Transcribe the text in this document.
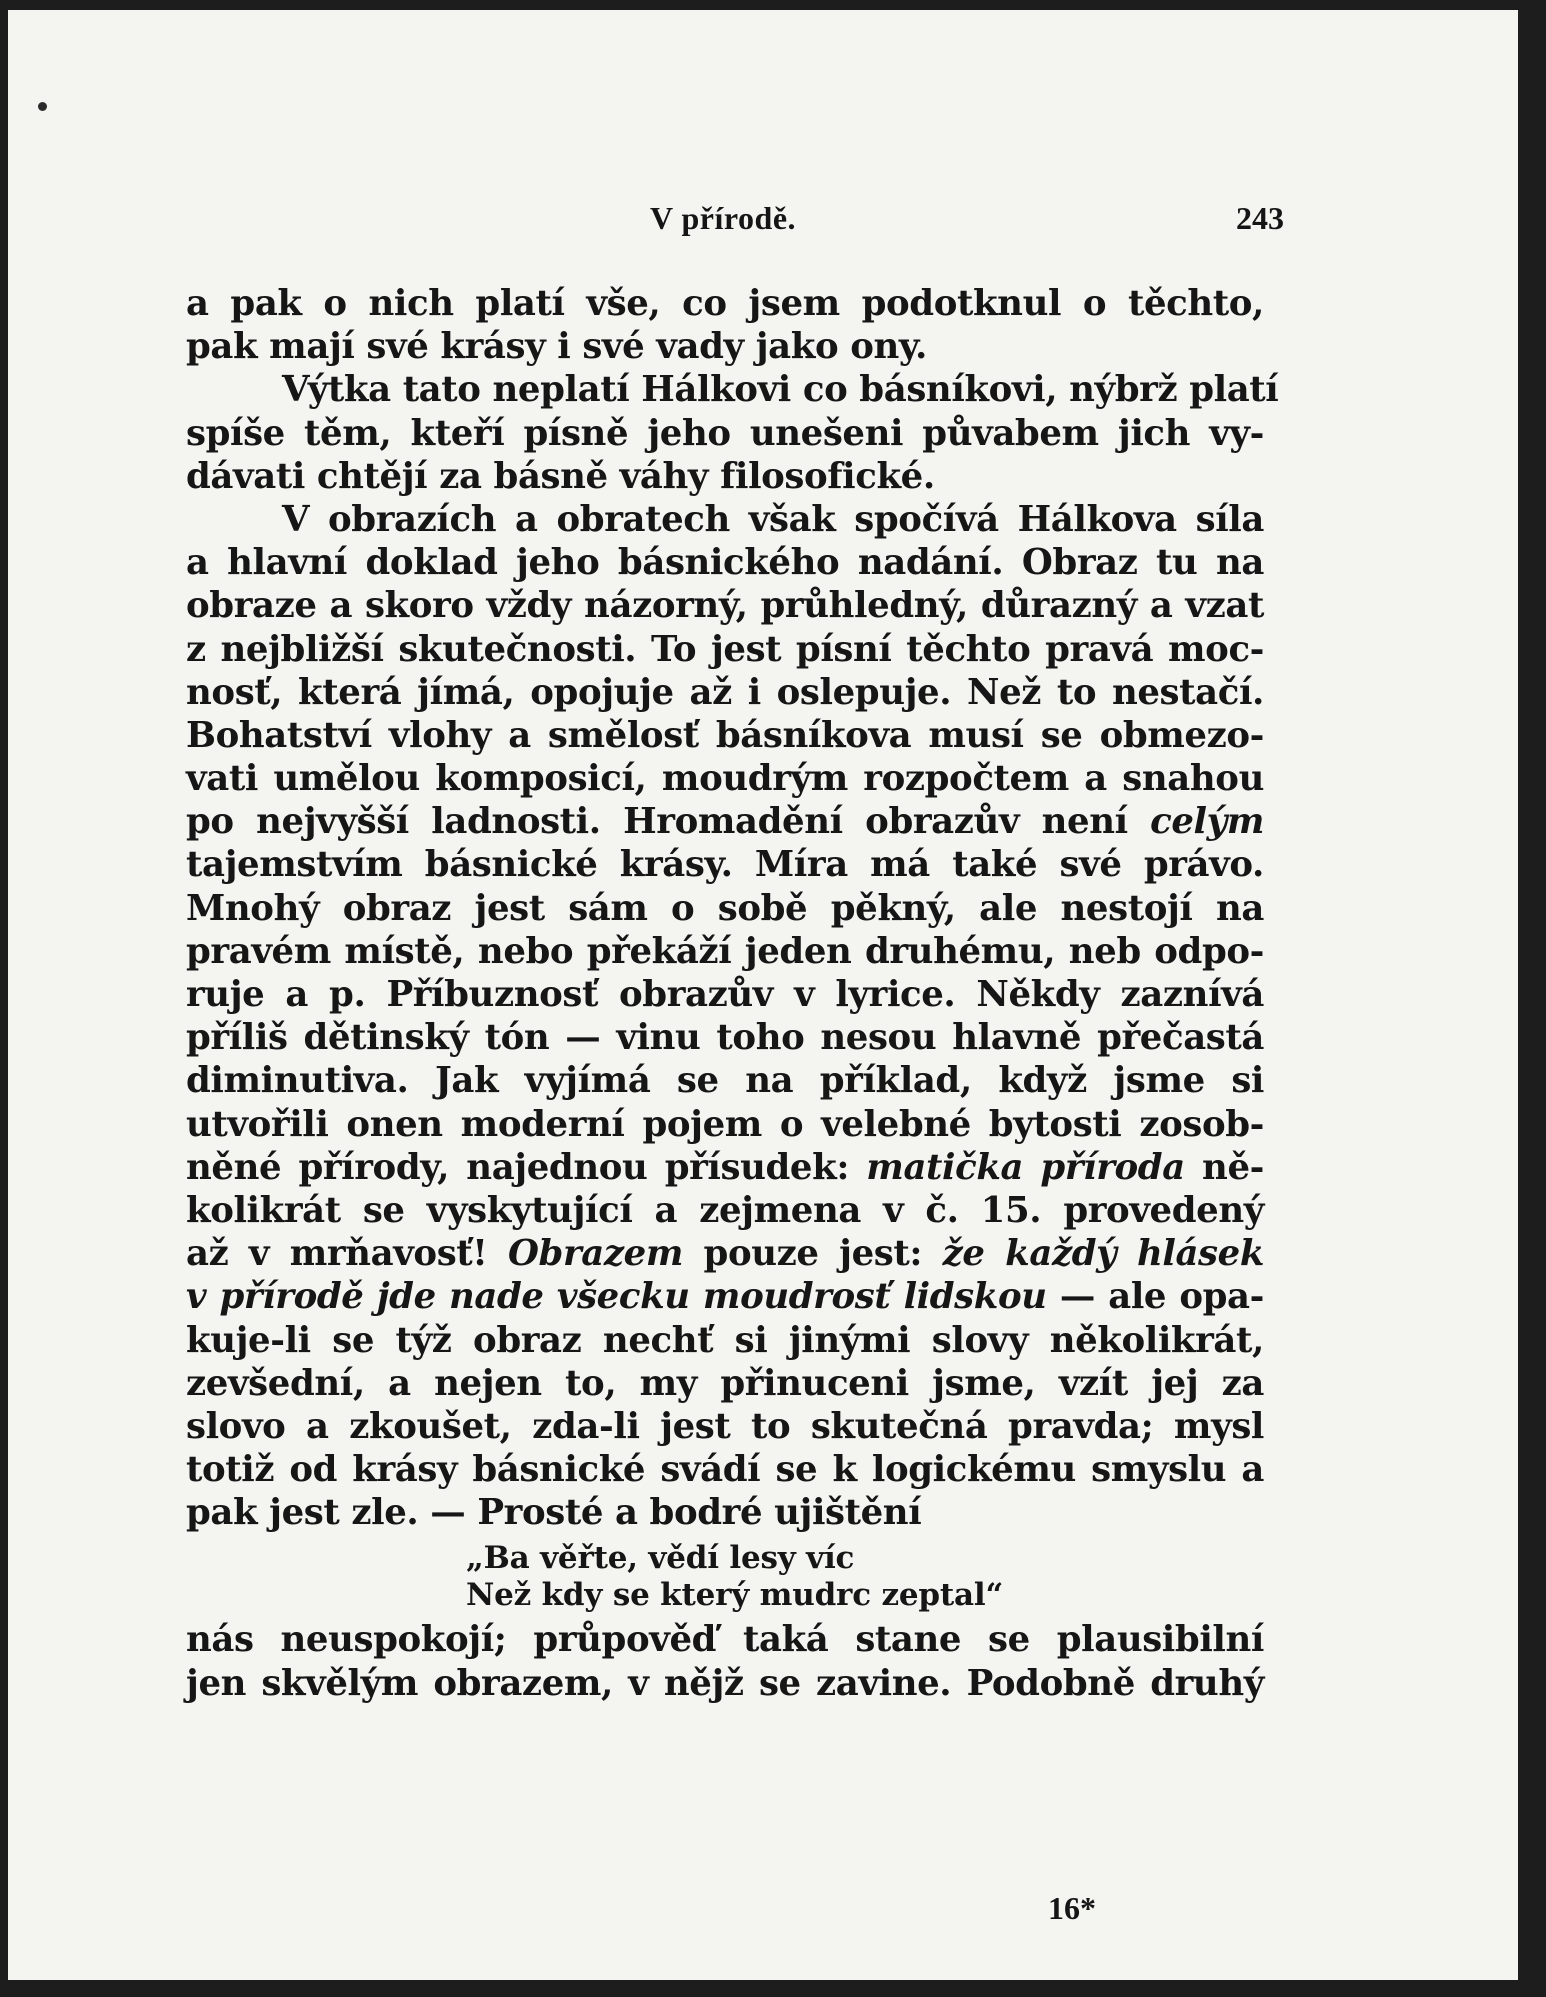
V přírodě.	243
a pak o nich platí vše, co jsem podotknul o těchto,
pak mají své krásy i své vady jako ony.
Výtka tato neplatí Hálkovi co básníkovi, nýbrž platí
spíše těm, kteří písně jeho unešeni půvabem jich vy-
dávati chtějí za básně váhy filosofické.
V obrazích a obratech však spočívá Hálkova síla
a hlavní doklad jeho básnického nadání. Obraz tu na
obraze a skoro vždy názorný, průhledný, důrazný a vzat
z nejbližší skutečnosti. To jest písní těchto pravá moc-
nosť, která jímá, opojuje až i oslepuje. Než to nestačí.
Bohatství vlohy a smělosť básníkova musí se obmezo-
vati umělou komposicí, moudrým rozpočtem a snahou
po nejvyšší ladnosti. Hromadění obrazův není celým
tajemstvím básnické krásy. Míra má také své právo.
Mnohý obraz jest sám o sobě pěkný, ale nestojí na
pravém místě, nebo překáží jeden druhému, neb odpo-
ruje a p. Příbuznosť obrazův v lyrice. Někdy zaznívá
příliš dětinský tón — vinu toho nesou hlavně přečastá
diminutiva. Jak vyjímá se na příklad, když jsme si
utvořili onen moderní pojem o velebné bytosti zosob-
něné přírody, najednou přísudek: matička příroda ně-
kolikrát se vyskytující a zejmena v č. 15. provedený
až v mrňavosť! Obrazem pouze jest: že každý hlásek
v přírodě jde nade všecku moudrosť lidskou — ale opa-
kuje-li se týž obraz nechť si jinými slovy několikrát,
zevšední, a nejen to, my přinuceni jsme, vzít jej za
slovo a zkoušet, zda-li jest to skutečná pravda; mysl
totiž od krásy básnické svádí se k logickému smyslu a
pak jest zle. — Prosté a bodré ujištění
„Ba věřte, vědí lesy víc
Než kdy se který mudrc zeptal“
nás neuspokojí; průpověď taká stane se plausibilní
jen skvělým obrazem, v nějž se zavine. Podobně druhý
16*
